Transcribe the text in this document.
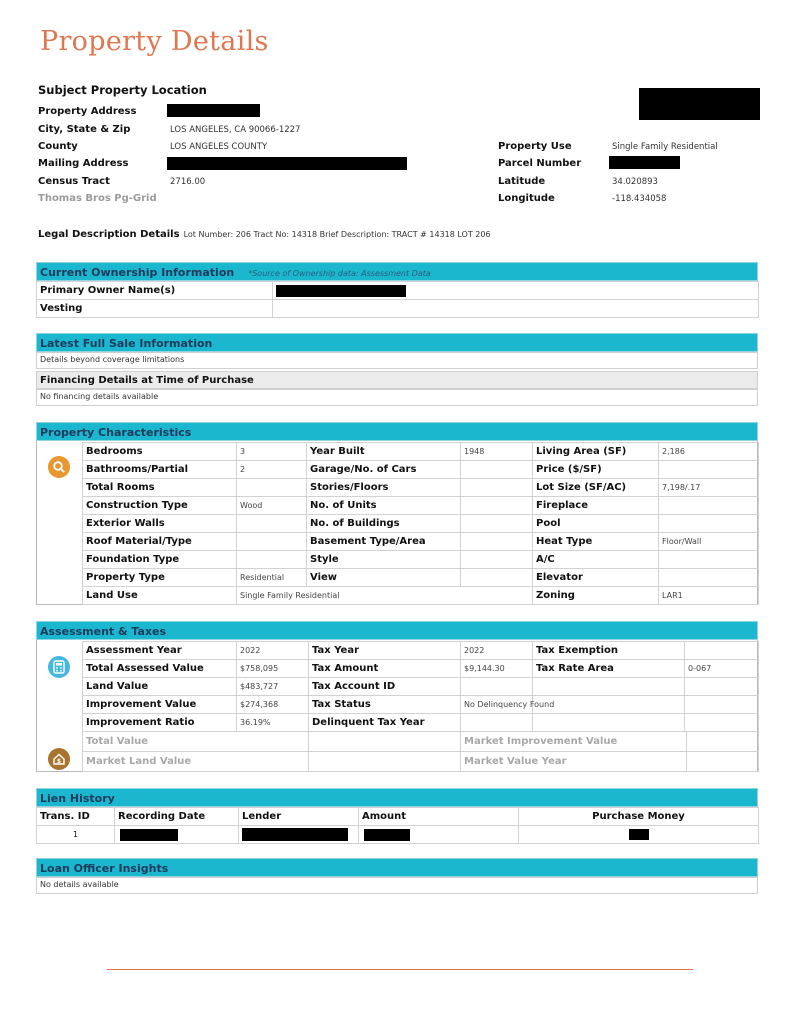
Property Details
Subject Property Location
Property Address
City, State & Zip	LOS ANGELES, CA 90066-1227
County	LOS ANGELES COUNTY
Mailing Address
Census Tract	2716.00
Thomas Bros Pg-Grid
Property Use	Single Family Residential
Parcel Number
Latitude	34.020893
Longitude	-118.434058
Legal Description Details Lot Number: 206 Tract No: 14318 Brief Description: TRACT # 14318 LOT 206
Current Ownership Information *Source of Ownership data: Assessment Data
Primary Owner Name(s)	

Vesting	
Latest Full Sale Information
Details beyond coverage limitations
Financing Details at Time of Purchase
No financing details available
Property Characteristics
Bedrooms	3	Year Built	1948	Living Area (SF)	2,186
Bathrooms/Partial	2	Garage/No. of Cars		Price ($/SF)	
Total Rooms		Stories/Floors		Lot Size (SF/AC)	7,198/.17
Construction Type	Wood	No. of Units		Fireplace	
Exterior Walls		No. of Buildings		Pool	
Roof Material/Type		Basement Type/Area		Heat Type	Floor/Wall
Foundation Type		Style		A/C	
Property Type	Residential	View		Elevator	
Land Use	Single Family Residential			Zoning	LAR1
Assessment & Taxes
$
Assessment Year	2022	Tax Year	2022	Tax Exemption	
Total Assessed Value	$758,095	Tax Amount	$9,144.30	Tax Rate Area	0-067
Land Value	$483,727	Tax Account ID			
Improvement Value	$274,368	Tax Status	No Delinquency Found		
Improvement Ratio	36.19%	Delinquent Tax Year			
Total Value		Market Improvement Value	
Market Land Value		Market Value Year	
Lien History
Trans. ID	Recording Date	Lender	Amount	Purchase Money
1	

Loan Officer Insights
No details available
